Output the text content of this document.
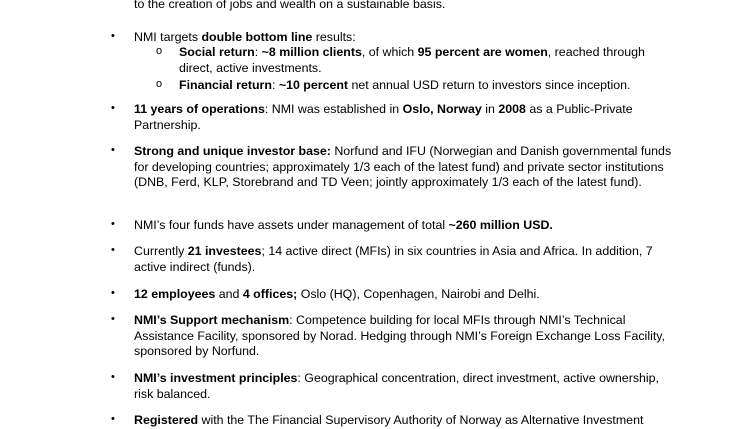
to the creation of jobs and wealth on a sustainable basis.
• NMI targets double bottom line results:
o Social return: ~8 million clients, of which 95 percent are women, reached through direct, active investments.
o Financial return: ~10 percent net annual USD return to investors since inception.
• 11 years of operations: NMI was established in Oslo, Norway in 2008 as a Public-Private Partnership.
• Strong and unique investor base: Norfund and IFU (Norwegian and Danish governmental funds for developing countries; approximately 1/3 each of the latest fund) and private sector institutions (DNB, Ferd, KLP, Storebrand and TD Veen; jointly approximately 1/3 each of the latest fund).
• NMI’s four funds have assets under management of total ~260 million USD.
• Currently 21 investees; 14 active direct (MFIs) in six countries in Asia and Africa. In addition, 7 active indirect (funds).
• 12 employees and 4 offices; Oslo (HQ), Copenhagen, Nairobi and Delhi.
• NMI’s Support mechanism: Competence building for local MFIs through NMI’s Technical Assistance Facility, sponsored by Norad. Hedging through NMI’s Foreign Exchange Loss Facility, sponsored by Norfund.
• NMI’s investment principles: Geographical concentration, direct investment, active ownership, risk balanced.
• Registered with the The Financial Supervisory Authority of Norway as Alternative Investment
